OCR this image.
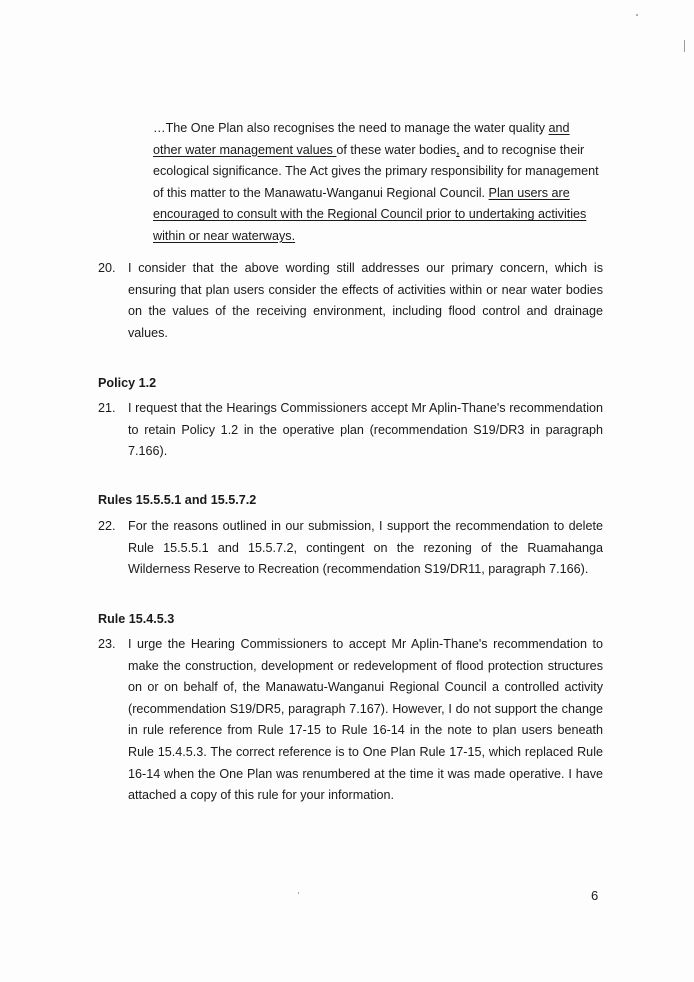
…The One Plan also recognises the need to manage the water quality and other water management values of these water bodies, and to recognise their ecological significance. The Act gives the primary responsibility for management of this matter to the Manawatu-Wanganui Regional Council. Plan users are encouraged to consult with the Regional Council prior to undertaking activities within or near waterways.
20. I consider that the above wording still addresses our primary concern, which is ensuring that plan users consider the effects of activities within or near water bodies on the values of the receiving environment, including flood control and drainage values.
Policy 1.2
21. I request that the Hearings Commissioners accept Mr Aplin-Thane's recommendation to retain Policy 1.2 in the operative plan (recommendation S19/DR3 in paragraph 7.166).
Rules 15.5.5.1 and 15.5.7.2
22. For the reasons outlined in our submission, I support the recommendation to delete Rule 15.5.5.1 and 15.5.7.2, contingent on the rezoning of the Ruamahanga Wilderness Reserve to Recreation (recommendation S19/DR11, paragraph 7.166).
Rule 15.4.5.3
23. I urge the Hearing Commissioners to accept Mr Aplin-Thane's recommendation to make the construction, development or redevelopment of flood protection structures on or on behalf of, the Manawatu-Wanganui Regional Council a controlled activity (recommendation S19/DR5, paragraph 7.167). However, I do not support the change in rule reference from Rule 17-15 to Rule 16-14 in the note to plan users beneath Rule 15.4.5.3. The correct reference is to One Plan Rule 17-15, which replaced Rule 16-14 when the One Plan was renumbered at the time it was made operative. I have attached a copy of this rule for your information.
6
